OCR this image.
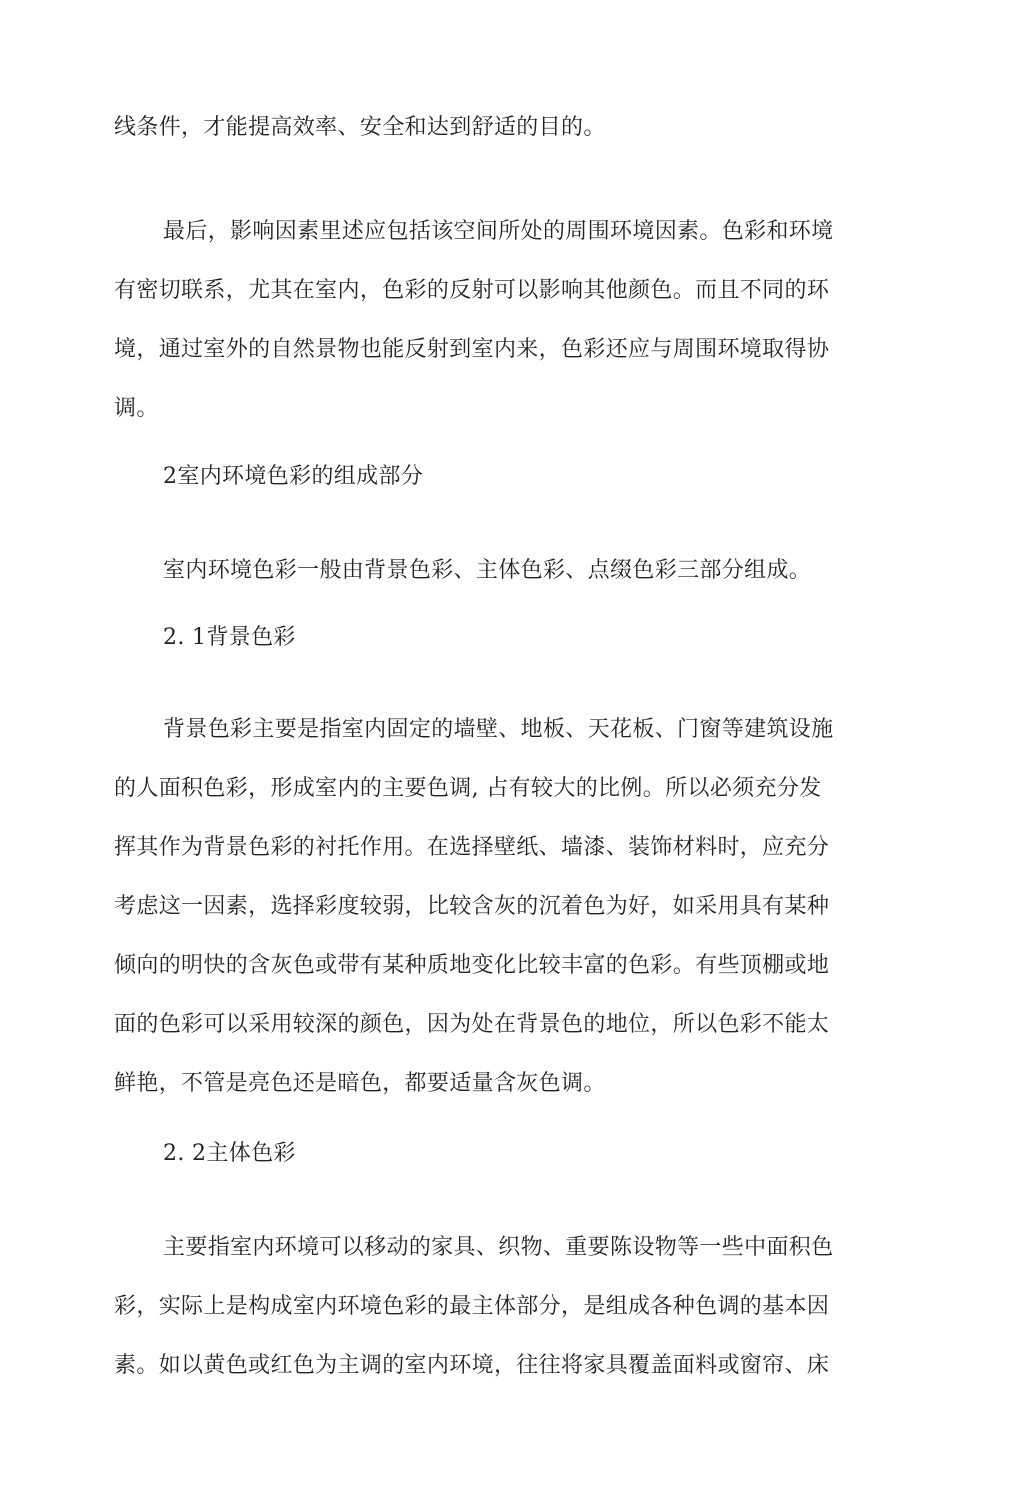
线条件，才能提高效率、安全和达到舒适的目的。
最后，影响因素里述应包括该空间所处的周围环境因素。色彩和环境
有密切联系，尤其在室内，色彩的反射可以影响其他颜色。而且不同的环
境，通过室外的自然景物也能反射到室内来，色彩还应与周围环境取得协
调。
2室内环境色彩的组成部分
室内环境色彩一般由背景色彩、主体色彩、点缀色彩三部分组成。
2. 1背景色彩
背景色彩主要是指室内固定的墙壁、地板、天花板、门窗等建筑设施
的人面积色彩，形成室内的主要色调, 占有较大的比例。所以必须充分发
挥其作为背景色彩的衬托作用。在选择壁纸、墙漆、装饰材料时，应充分
考虑这一因素，选择彩度较弱，比较含灰的沉着色为好，如采用具有某种
倾向的明快的含灰色或带有某种质地变化比较丰富的色彩。有些顶棚或地
面的色彩可以采用较深的颜色，因为处在背景色的地位，所以色彩不能太
鲜艳，不管是亮色还是暗色，都要适量含灰色调。
2. 2主体色彩
主要指室内环境可以移动的家具、织物、重要陈设物等一些中面积色
彩，实际上是构成室内环境色彩的最主体部分，是组成各种色调的基本因
素。如以黄色或红色为主调的室内环境，往往将家具覆盖面料或窗帘、床
